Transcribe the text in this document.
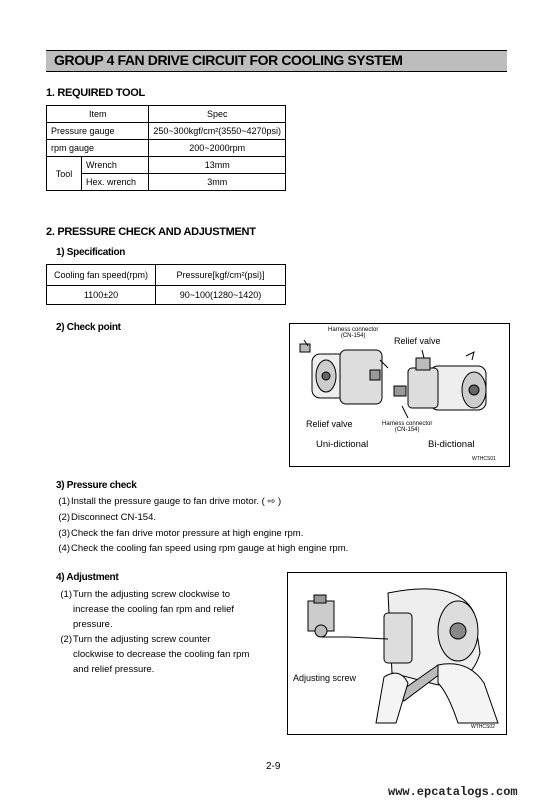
GROUP 4 FAN DRIVE CIRCUIT FOR COOLING SYSTEM
1. REQUIRED TOOL
Item		Spec
Pressure gauge		250~300kgf/cm²(3550~4270psi)
rpm gauge		200~2000rpm
Tool	Wrench	13mm
	Hex. wrench	3mm
2. PRESSURE CHECK AND ADJUSTMENT
1) Specification
Cooling fan speed(rpm)	Pressure[kgf/cm²(psi)]
1100±20	90~100(1280~1420)
2) Check point	Harness connector
(CN-154)	Relief valve
Relief valve	Harness connector
(CN-154)
Uni-dictional	Bi-dictional
WTHCS01
3) Pressure check
(1) Install the pressure gauge to fan drive motor. ( ⇨ )
(2) Disconnect CN-154.
(3) Check the fan drive motor pressure at high engine rpm.
(4) Check the cooling fan speed using rpm gauge at high engine rpm.
4) Adjustment
(1) Turn the adjusting screw clockwise to
increase the cooling fan rpm and relief
pressure.
(2) Turn the adjusting screw counter
clockwise to decrease the cooling fan rpm
and relief pressure.
Adjusting screw
WTHCS02
2-9
www.epcatalogs.com
